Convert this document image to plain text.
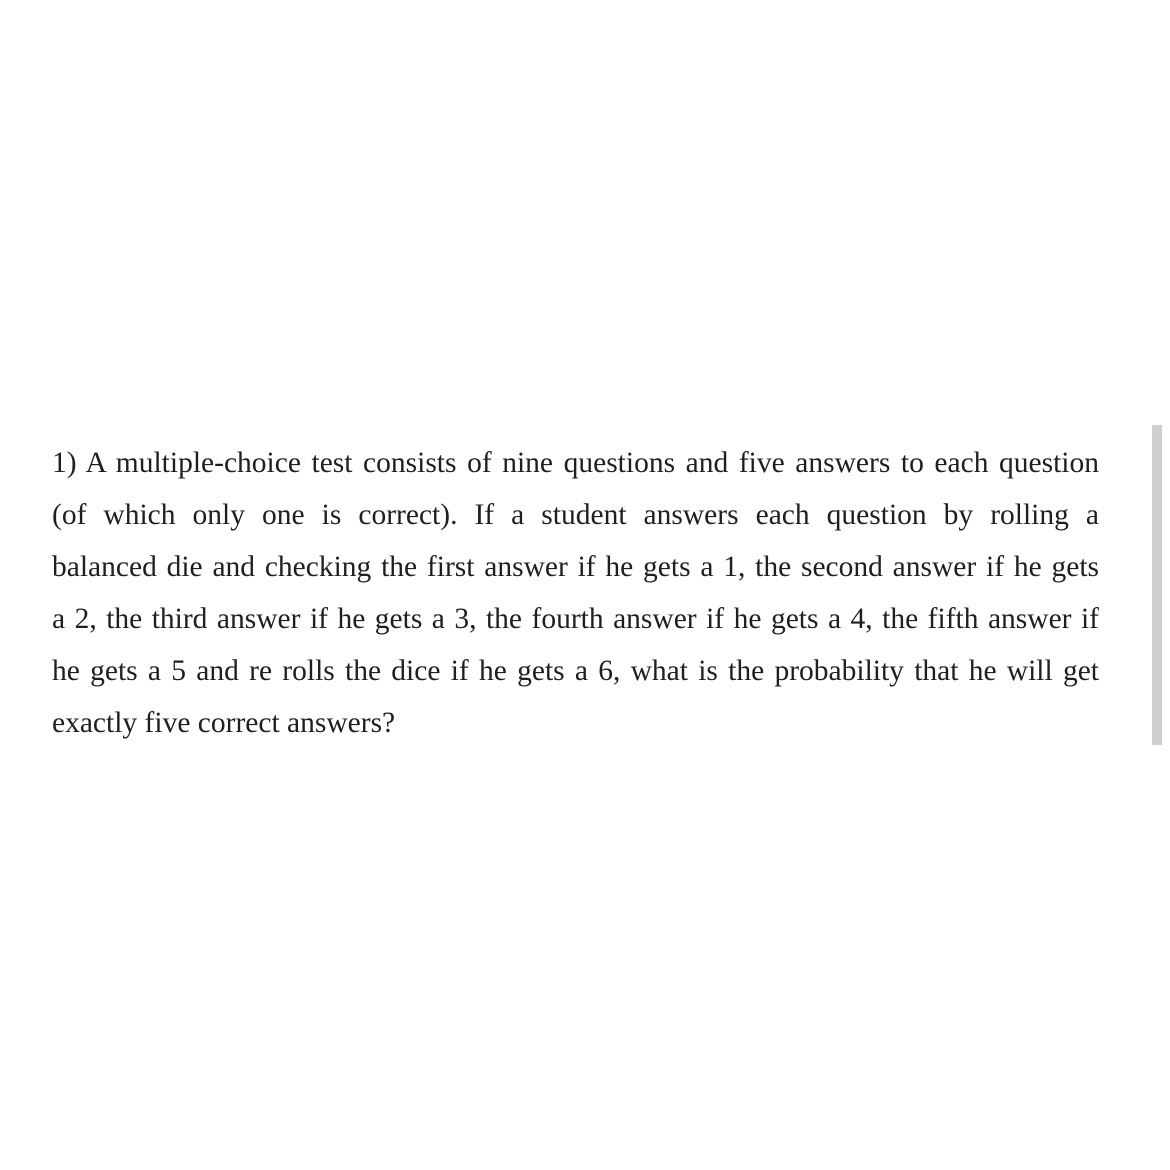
1) A multiple-choice test consists of nine questions and five answers to each question
(of which only one is correct). If a student answers each question by rolling a
balanced die and checking the first answer if he gets a 1, the second answer if he gets
a 2, the third answer if he gets a 3, the fourth answer if he gets a 4, the fifth answer if
he gets a 5 and re rolls the dice if he gets a 6, what is the probability that he will get
exactly five correct answers?
